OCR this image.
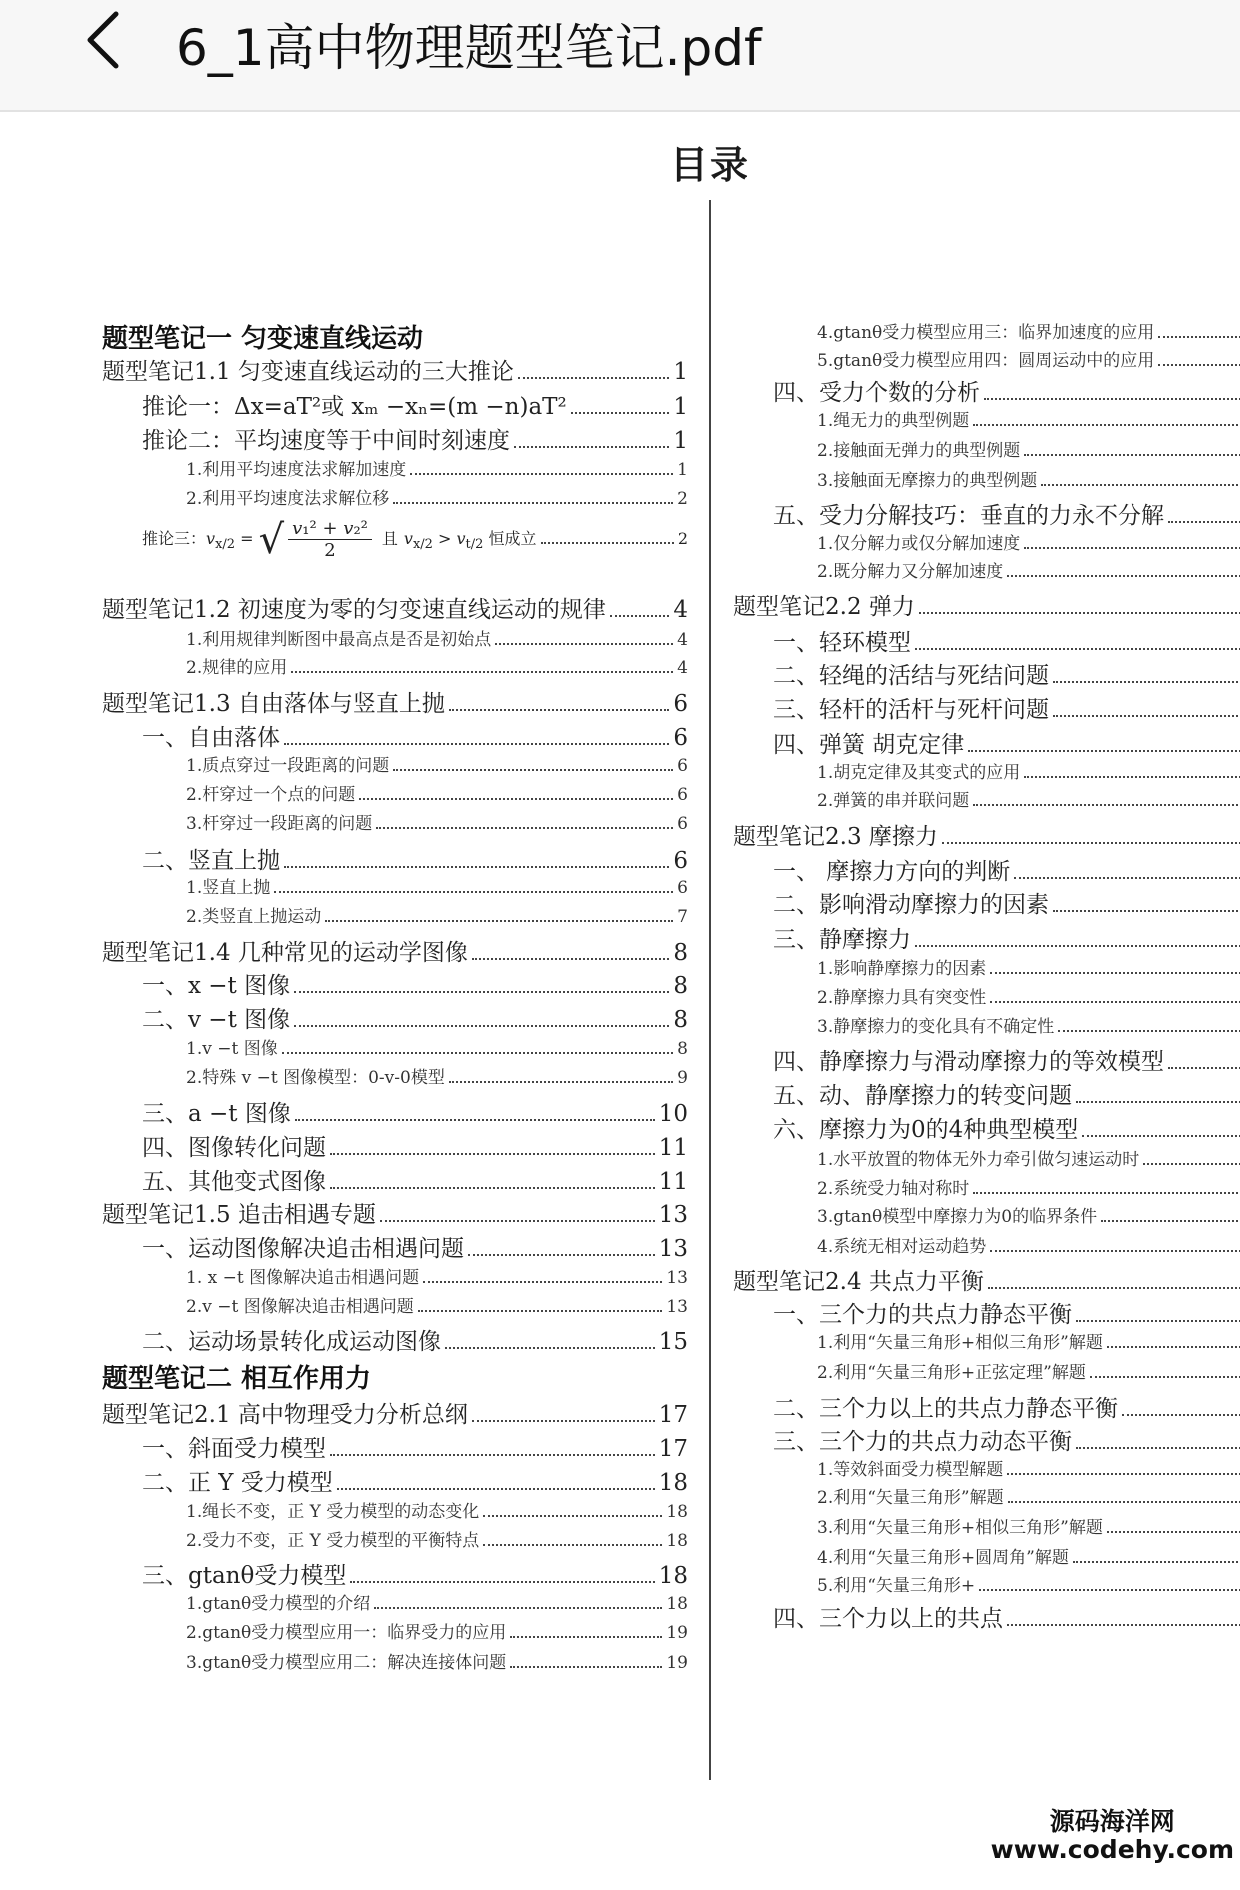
6_1高中物理题型笔记.pdf
目录
题型笔记一 匀变速直线运动
题型笔记1.1 匀变速直线运动的三大推论	1
推论一：Δx=aT²或 xₘ −xₙ=(m −n)aT²	1
推论二：平均速度等于中间时刻速度	1
1.利用平均速度法求解加速度	1
2.利用平均速度法求解位移	2
推论三： $v_{x/2}$ = √ $\frac{\text{v₁² + v₂²}}{2}$ 且 $v_{x/2} > v_{t/2}$ 恒成立	2
题型笔记1.2 初速度为零的匀变速直线运动的规律	4
1.利用规律判断图中最高点是否是初始点	4
2.规律的应用	4
题型笔记1.3 自由落体与竖直上抛	6
一、自由落体	6
1.质点穿过一段距离的问题	6
2.杆穿过一个点的问题	6
3.杆穿过一段距离的问题	6
二、竖直上抛	6
1.竖直上抛	6
2.类竖直上抛运动	7
题型笔记1.4 几种常见的运动学图像	8
一、x −t 图像	8
二、v −t 图像	8
1.v −t 图像	8
2.特殊 v −t 图像模型：0-v-0模型	9
三、a −t 图像	10
四、图像转化问题	11
五、其他变式图像	11
题型笔记1.5 追击相遇专题	13
一、运动图像解决追击相遇问题	13
1. x −t 图像解决追击相遇问题	13
2.v −t 图像解决追击相遇问题	13
二、运动场景转化成运动图像	15
题型笔记二 相互作用力
题型笔记2.1 高中物理受力分析总纲	17
一、斜面受力模型	17
二、正 Y 受力模型	18
1.绳长不变，正 Y 受力模型的动态变化	18
2.受力不变，正 Y 受力模型的平衡特点	18
三、gtanθ受力模型	18
1.gtanθ受力模型的介绍	18
2.gtanθ受力模型应用一：临界受力的应用	19
3.gtanθ受力模型应用二：解决连接体问题	19
4.gtanθ受力模型应用三：临界加速度的应用
5.gtanθ受力模型应用四：圆周运动中的应用
四、受力个数的分析
1.绳无力的典型例题
2.接触面无弹力的典型例题
3.接触面无摩擦力的典型例题
五、受力分解技巧：垂直的力永不分解
1.仅分解力或仅分解加速度
2.既分解力又分解加速度
题型笔记2.2 弹力
一、轻环模型
二、轻绳的活结与死结问题
三、轻杆的活杆与死杆问题
四、弹簧 胡克定律
1.胡克定律及其变式的应用
2.弹簧的串并联问题
题型笔记2.3 摩擦力
一、 摩擦力方向的判断
二、影响滑动摩擦力的因素
三、静摩擦力
1.影响静摩擦力的因素
2.静摩擦力具有突变性
3.静摩擦力的变化具有不确定性
四、静摩擦力与滑动摩擦力的等效模型
五、动、静摩擦力的转变问题
六、摩擦力为0的4种典型模型
1.水平放置的物体无外力牵引做匀速运动时
2.系统受力轴对称时
3.gtanθ模型中摩擦力为0的临界条件
4.系统无相对运动趋势
题型笔记2.4 共点力平衡
一、三个力的共点力静态平衡
1.利用“矢量三角形+相似三角形”解题
2.利用“矢量三角形+正弦定理”解题
二、三个力以上的共点力静态平衡
三、三个力的共点力动态平衡
1.等效斜面受力模型解题
2.利用“矢量三角形”解题
3.利用“矢量三角形+相似三角形”解题
4.利用“矢量三角形+圆周角”解题
5.利用“矢量三角形+
四、三个力以上的共点
源码海洋网
www.codehy.com
